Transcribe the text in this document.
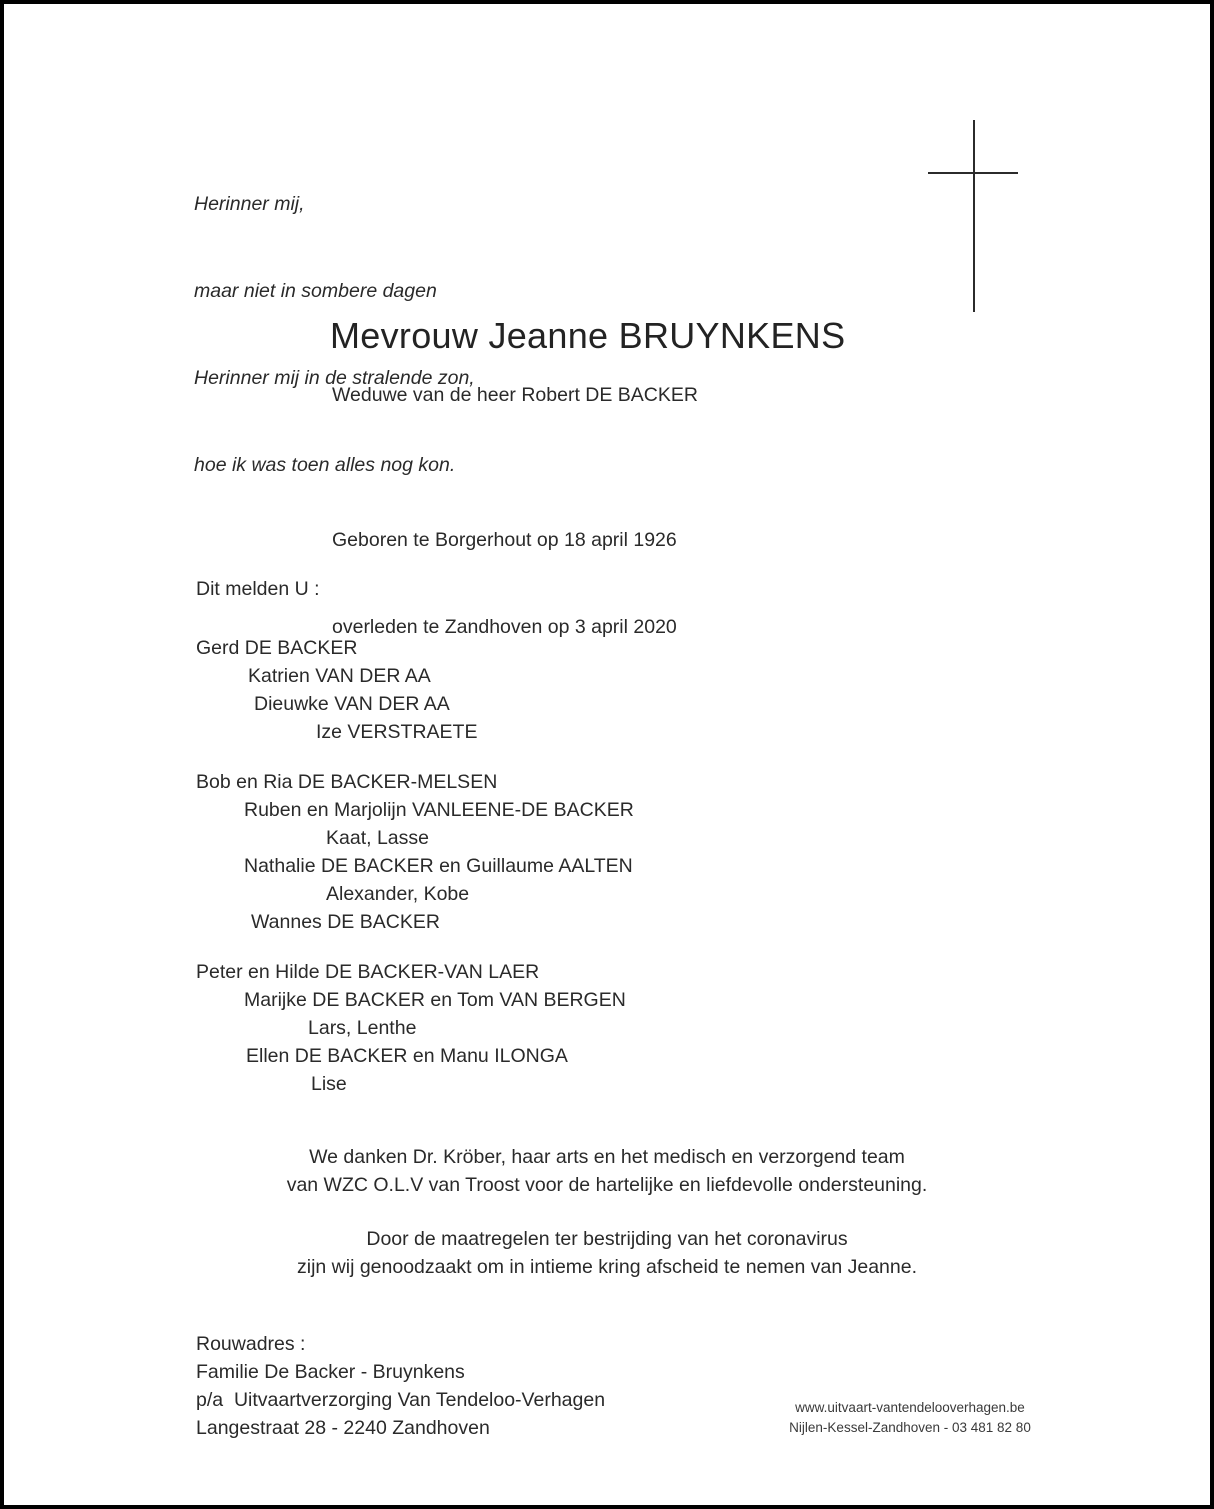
Herinner mij,

maar niet in sombere dagen

Herinner mij in de stralende zon,

hoe ik was toen alles nog kon.

Mevrouw Jeanne BRUYNKENS
Weduwe van de heer Robert DE BACKER

Geboren te Borgerhout op 18 april 1926

overleden te Zandhoven op 3 april 2020

Dit melden U :
Gerd DE BACKER
Katrien VAN DER AA
Dieuwke VAN DER AA
Ize VERSTRAETE
Bob en Ria DE BACKER-MELSEN
Ruben en Marjolijn VANLEENE-DE BACKER
Kaat, Lasse
Nathalie DE BACKER en Guillaume AALTEN
Alexander, Kobe
Wannes DE BACKER
Peter en Hilde DE BACKER-VAN LAER
Marijke DE BACKER en Tom VAN BERGEN
Lars, Lenthe
Ellen DE BACKER en Manu ILONGA
Lise
We danken Dr. Kröber, haar arts en het medisch en verzorgend team
van WZC O.L.V van Troost voor de hartelijke en liefdevolle ondersteuning.
Door de maatregelen ter bestrijding van het coronavirus
zijn wij genoodzaakt om in intieme kring afscheid te nemen van Jeanne.
Rouwadres :
Familie De Backer - Bruynkens
p/a  Uitvaartverzorging Van Tendeloo-Verhagen
Langestraat 28 - 2240 Zandhoven
www.uitvaart-vantendelooverhagen.be
Nijlen-Kessel-Zandhoven - 03 481 82 80
